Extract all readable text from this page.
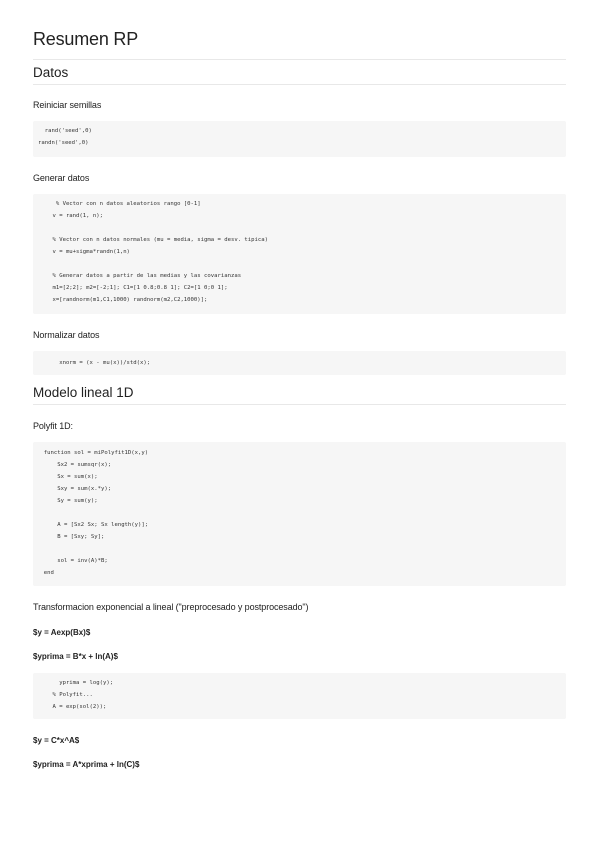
Resumen RP
Datos
Reiniciar semillas
rand('seed',0)
randn('seed',0)
Generar datos
% Vector con n datos aleatorios rango [0-1]
v = rand(1, n);

% Vector con n datos normales (mu = media, sigma = desv. tipica)
v = mu+sigma*randn(1,n)

% Generar datos a partir de las medias y las covarianzas
m1=[2;2]; m2=[-2;1]; C1=[1 0.8;0.8 1]; C2=[1 0;0 1];
x=[randnorm(m1,C1,1000) randnorm(m2,C2,1000)];
Normalizar datos
xnorm = (x - mu(x))/std(x);
Modelo lineal 1D
Polyfit 1D:
function sol = miPolyfit1D(x,y)
Sx2 = sumsqr(x);
Sx = sum(x);
Sxy = sum(x.*y);
Sy = sum(y);

A = [Sx2 Sx; Sx length(y)];
B = [Sxy; Sy];

sol = inv(A)*B;
end
Transformacion exponencial a lineal ("preprocesado y postprocesado")
$y = Aexp(Bx)$
$yprima = B*x + ln(A)$
yprima = log(y);
% Polyfit...
A = exp(sol(2));
$y = C*x^A$
$yprima = A*xprima + ln(C)$
